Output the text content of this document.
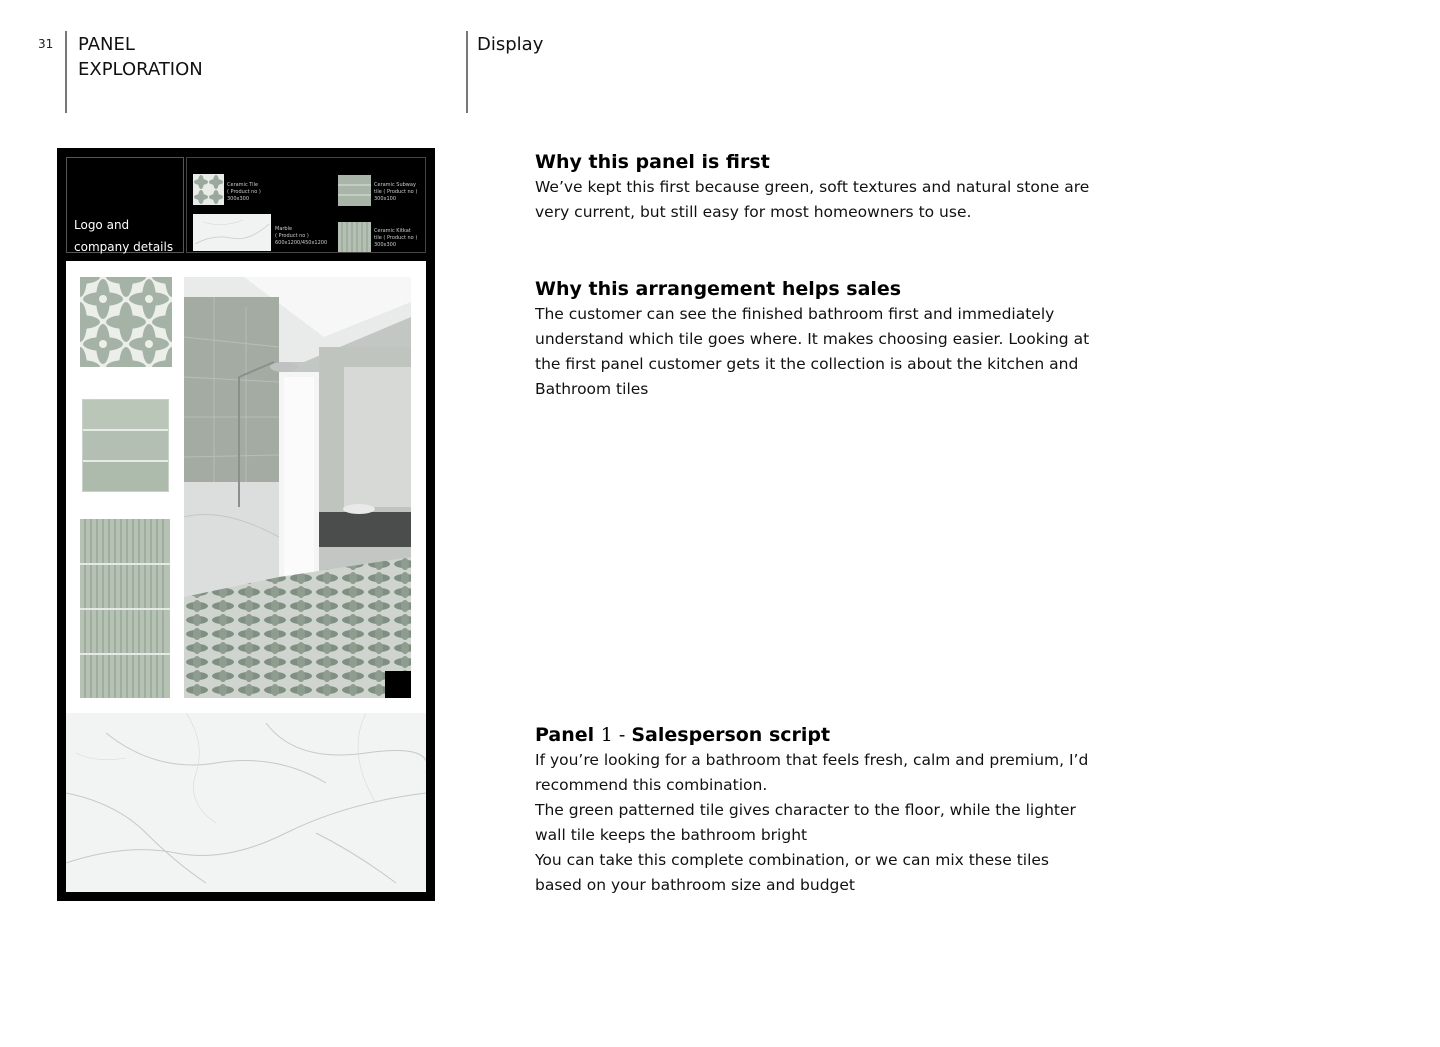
31 PANEL
EXPLORATION
Display
Logo and
company details
Ceramic Tile
( Product no )
300x300
Ceramic Subway
tile ( Product no )
300x100
Marble
( Product no )
600x1200/450x1200
Ceramic Kitkat
tile ( Product no )
300x300
Why this panel is first

We’ve kept this first because green, soft textures and natural stone are very current, but still easy for most homeowners to use.

Why this arrangement helps sales

The customer can see the finished bathroom first and immediately understand which tile goes where. It makes choosing easier. Looking at the first panel customer gets it the collection is about the kitchen and Bathroom tiles

Panel 1 - Salesperson script

If you’re looking for a bathroom that feels fresh, calm and premium, I’d recommend this combination.

The green patterned tile gives character to the floor, while the lighter wall tile keeps the bathroom bright

You can take this complete combination, or we can mix these tiles based on your bathroom size and budget
